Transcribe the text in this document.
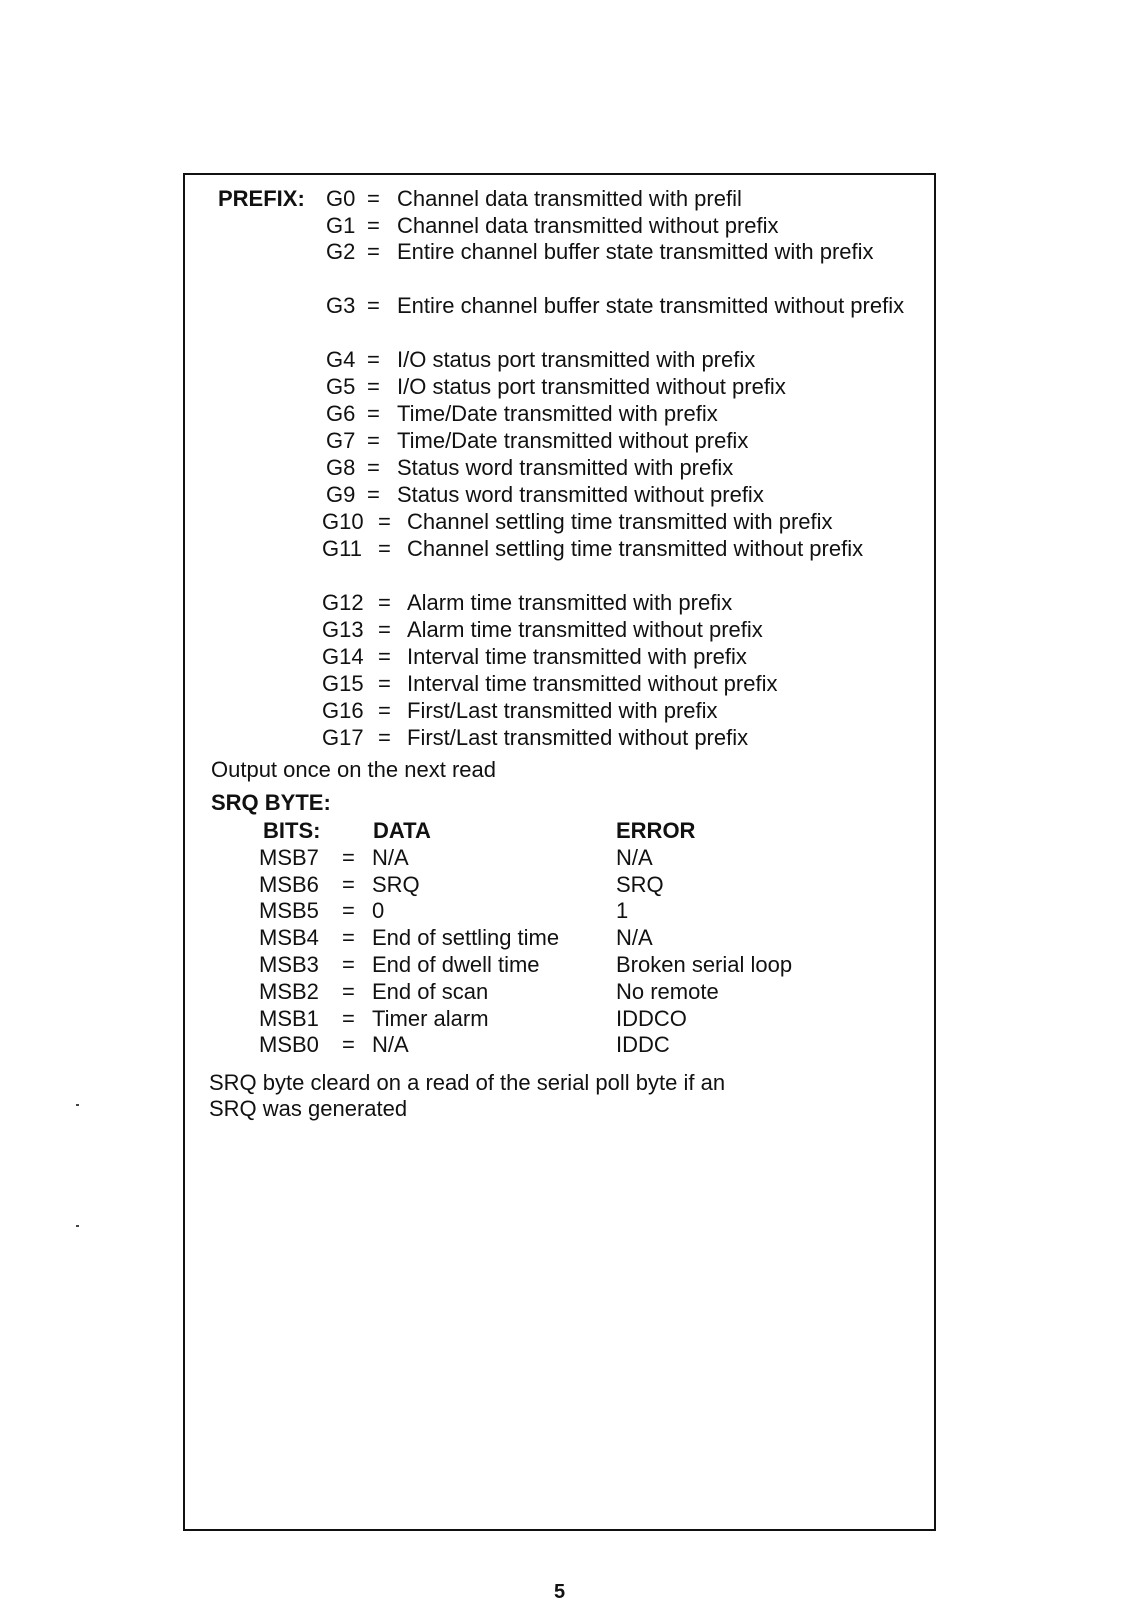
PREFIX: G0 = Channel data transmitted with prefil
G1 = Channel data transmitted without prefix
G2 = Entire channel buffer state transmitted with prefix
G3 = Entire channel buffer state transmitted without prefix
G4 = I/O status port transmitted with prefix
G5 = I/O status port transmitted without prefix
G6 = Time/Date transmitted with prefix
G7 = Time/Date transmitted without prefix
G8 = Status word transmitted with prefix
G9 = Status word transmitted without prefix
G10 = Channel settling time transmitted with prefix
G11 = Channel settling time transmitted without prefix
G12 = Alarm time transmitted with prefix
G13 = Alarm time transmitted without prefix
G14 = Interval time transmitted with prefix
G15 = Interval time transmitted without prefix
G16 = First/Last transmitted with prefix
G17 = First/Last transmitted without prefix
Output once on the next read
SRQ BYTE:
BITS: DATA	ERROR
MSB7 = N/A	N/A
MSB6 = SRQ	SRQ
MSB5 = 0	1
MSB4 = End of settling time	N/A
MSB3 = End of dwell time	Broken serial loop
MSB2 = End of scan	No remote
MSB1 = Timer alarm	IDDCO
MSB0 = N/A	IDDC
SRQ byte cleard on a read of the serial poll byte if an
SRQ was generated
5
